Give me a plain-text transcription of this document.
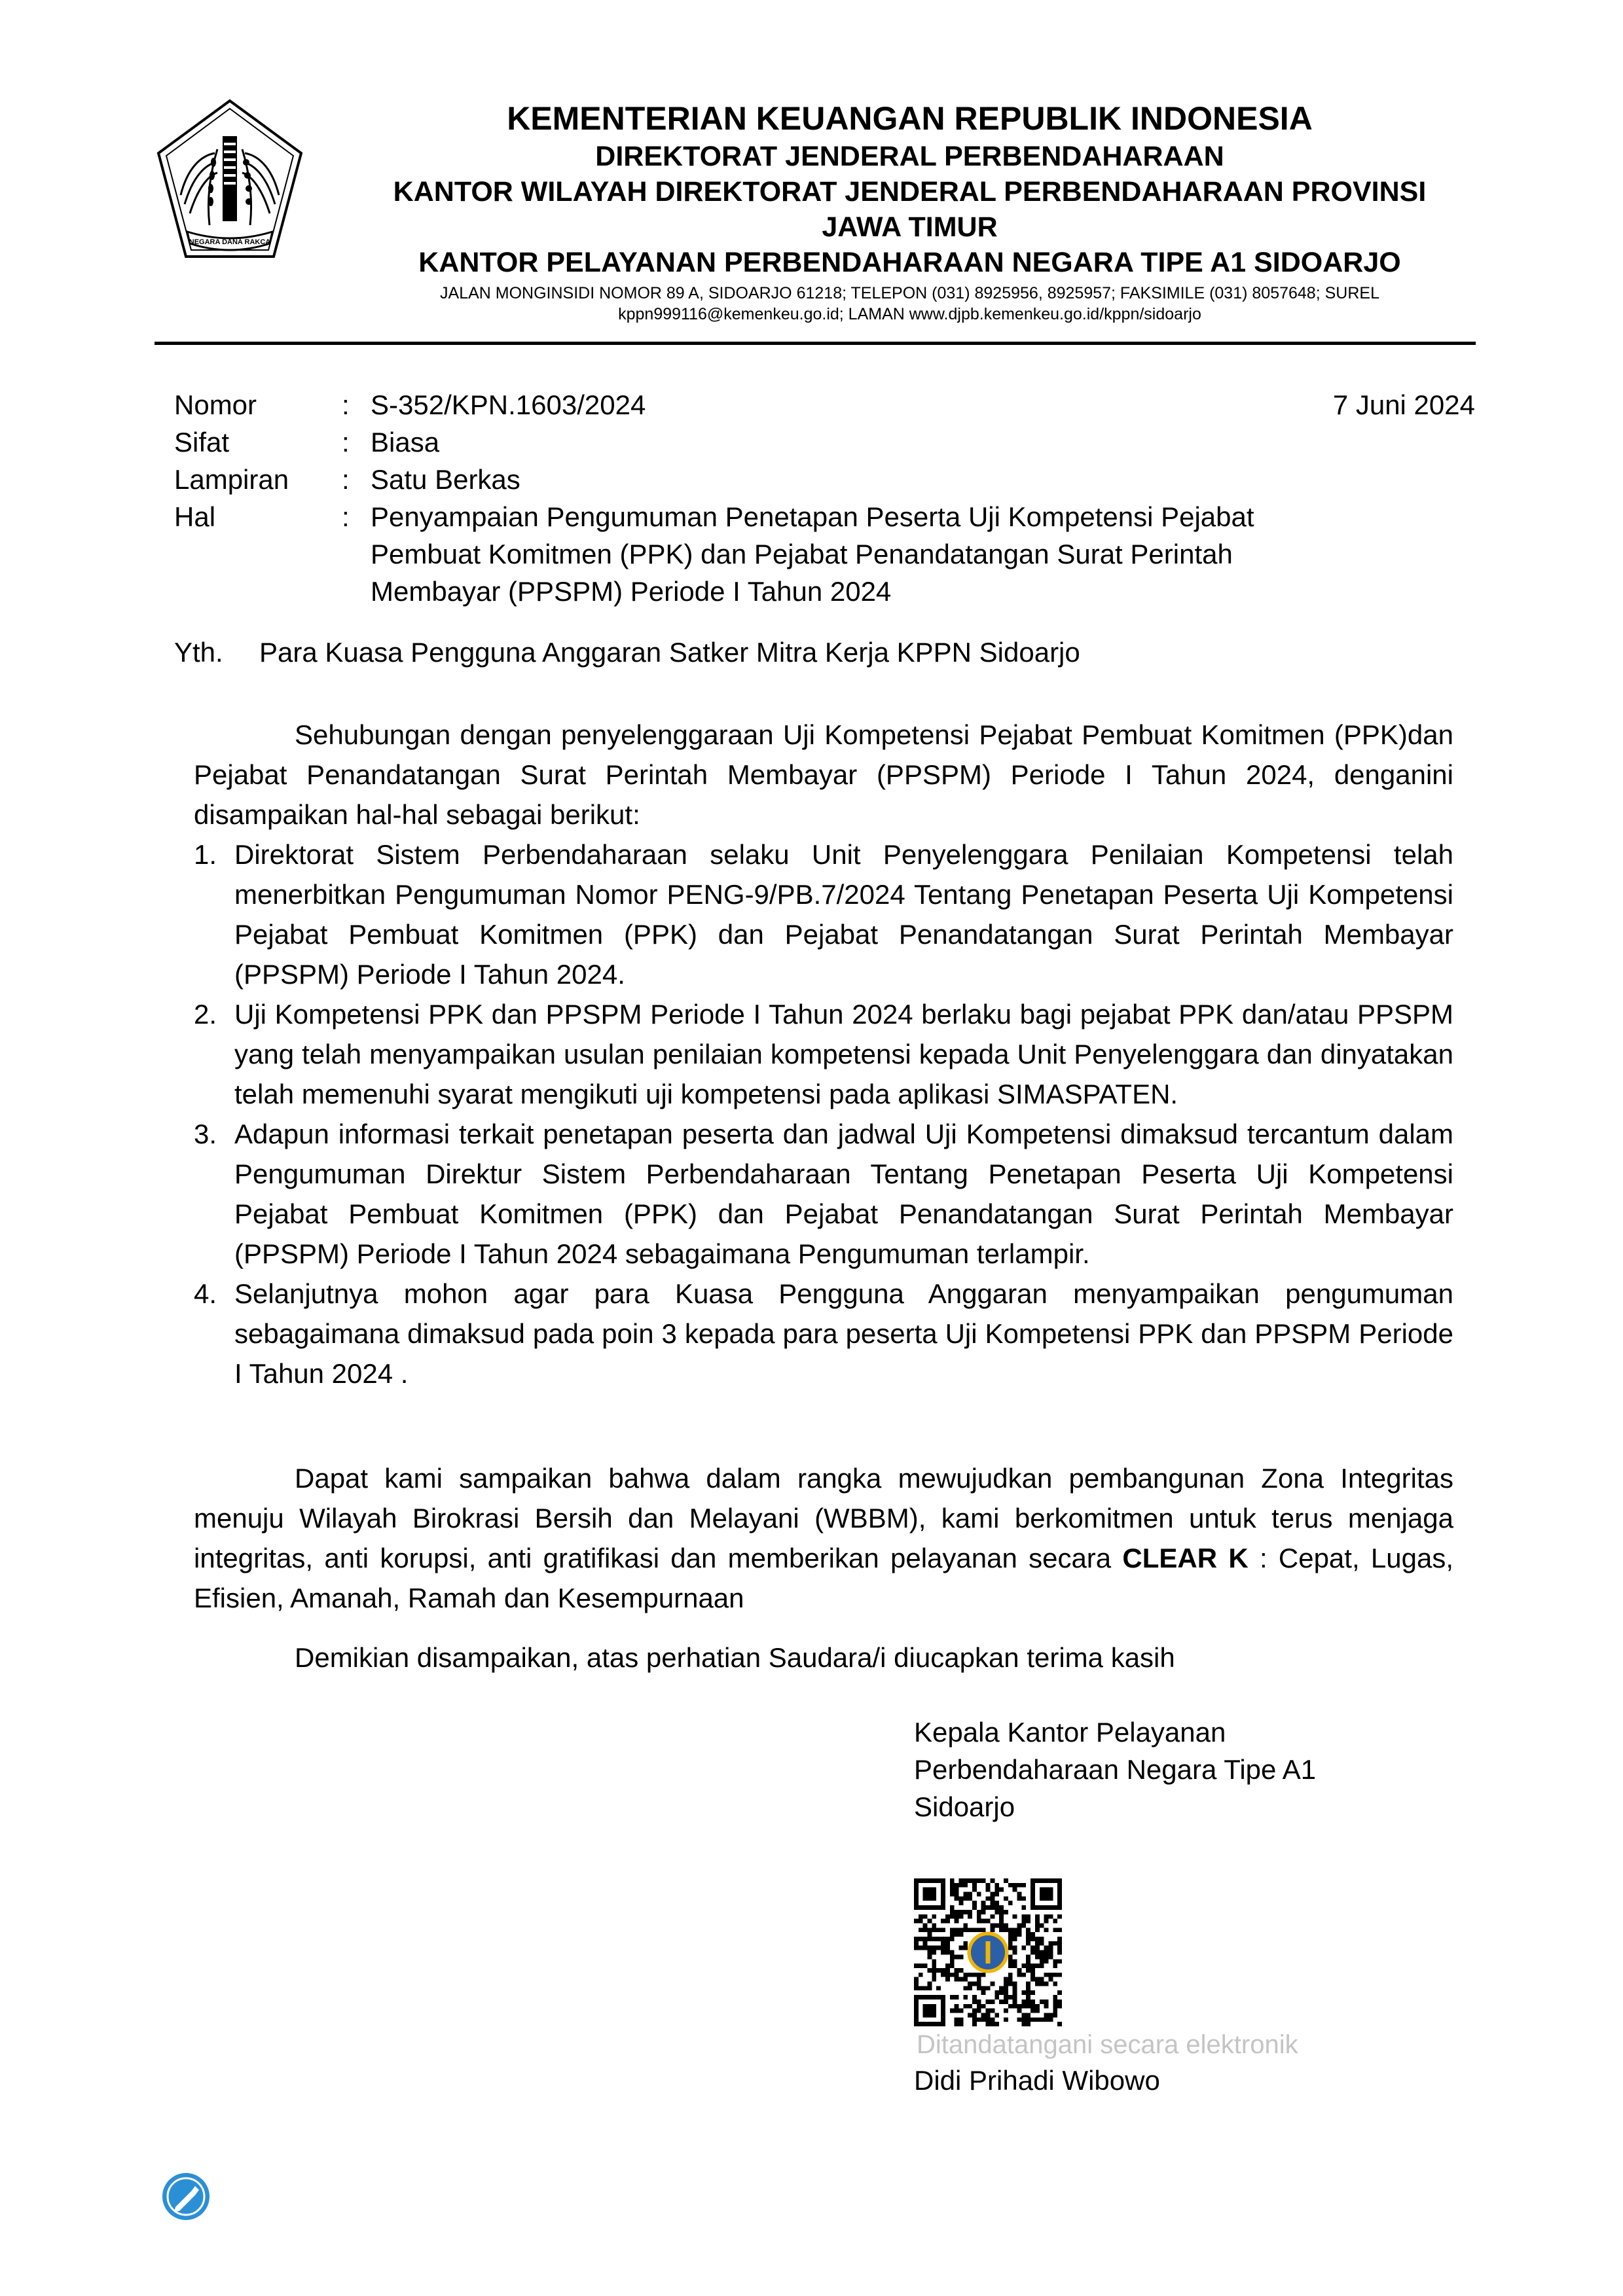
NEGARA DANA RAKCA
KEMENTERIAN KEUANGAN REPUBLIK INDONESIA
DIREKTORAT JENDERAL PERBENDAHARAAN
KANTOR WILAYAH DIREKTORAT JENDERAL PERBENDAHARAAN PROVINSI
JAWA TIMUR
KANTOR PELAYANAN PERBENDAHARAAN NEGARA TIPE A1 SIDOARJO
JALAN MONGINSIDI NOMOR 89 A, SIDOARJO 61218; TELEPON (031) 8925956, 8925957; FAKSIMILE (031) 8057648; SUREL
kppn999116@kemenkeu.go.id; LAMAN www.djpb.kemenkeu.go.id/kppn/sidoarjo
Nomor	: S-352/KPN.1603/2024
Sifat	: Biasa
Lampiran	: Satu Berkas
Hal	: Penyampaian Pengumuman Penetapan Peserta Uji Kompetensi Pejabat Pembuat Komitmen (PPK) dan Pejabat Penandatangan Surat Perintah Membayar (PPSPM) Periode I Tahun 2024
7 Juni 2024
Yth. Para Kuasa Pengguna Anggaran Satker Mitra Kerja KPPN Sidoarjo

Sehubungan dengan penyelenggaraan Uji Kompetensi Pejabat Pembuat Komitmen (PPK)dan Pejabat Penandatangan Surat Perintah Membayar (PPSPM) Periode I Tahun 2024, denganini disampaikan hal-hal sebagai berikut:

1. Direktorat Sistem Perbendaharaan selaku Unit Penyelenggara Penilaian Kompetensi telah menerbitkan Pengumuman Nomor PENG-9/PB.7/2024 Tentang Penetapan Peserta Uji Kompetensi Pejabat Pembuat Komitmen (PPK) dan Pejabat Penandatangan Surat Perintah Membayar (PPSPM) Periode I Tahun 2024.
2. Uji Kompetensi PPK dan PPSPM Periode I Tahun 2024 berlaku bagi pejabat PPK dan/atau PPSPM yang telah menyampaikan usulan penilaian kompetensi kepada Unit Penyelenggara dan dinyatakan telah memenuhi syarat mengikuti uji kompetensi pada aplikasi SIMASPATEN.
3. Adapun informasi terkait penetapan peserta dan jadwal Uji Kompetensi dimaksud tercantum dalam Pengumuman Direktur Sistem Perbendaharaan Tentang Penetapan Peserta Uji Kompetensi Pejabat Pembuat Komitmen (PPK) dan Pejabat Penandatangan Surat Perintah Membayar (PPSPM) Periode I Tahun 2024 sebagaimana Pengumuman terlampir.
4. Selanjutnya mohon agar para Kuasa Pengguna Anggaran menyampaikan pengumuman sebagaimana dimaksud pada poin 3 kepada para peserta Uji Kompetensi PPK dan PPSPM Periode I Tahun 2024 .

Dapat kami sampaikan bahwa dalam rangka mewujudkan pembangunan Zona Integritas menuju Wilayah Birokrasi Bersih dan Melayani (WBBM), kami berkomitmen untuk terus menjaga integritas, anti korupsi, anti gratifikasi dan memberikan pelayanan secara CLEAR K : Cepat, Lugas, Efisien, Amanah, Ramah dan Kesempurnaan

Demikian disampaikan, atas perhatian Saudara/i diucapkan terima kasih

Kepala Kantor Pelayanan
Perbendaharaan Negara Tipe A1
Sidoarjo
Ditandatangani secara elektronik
Didi Prihadi Wibowo
